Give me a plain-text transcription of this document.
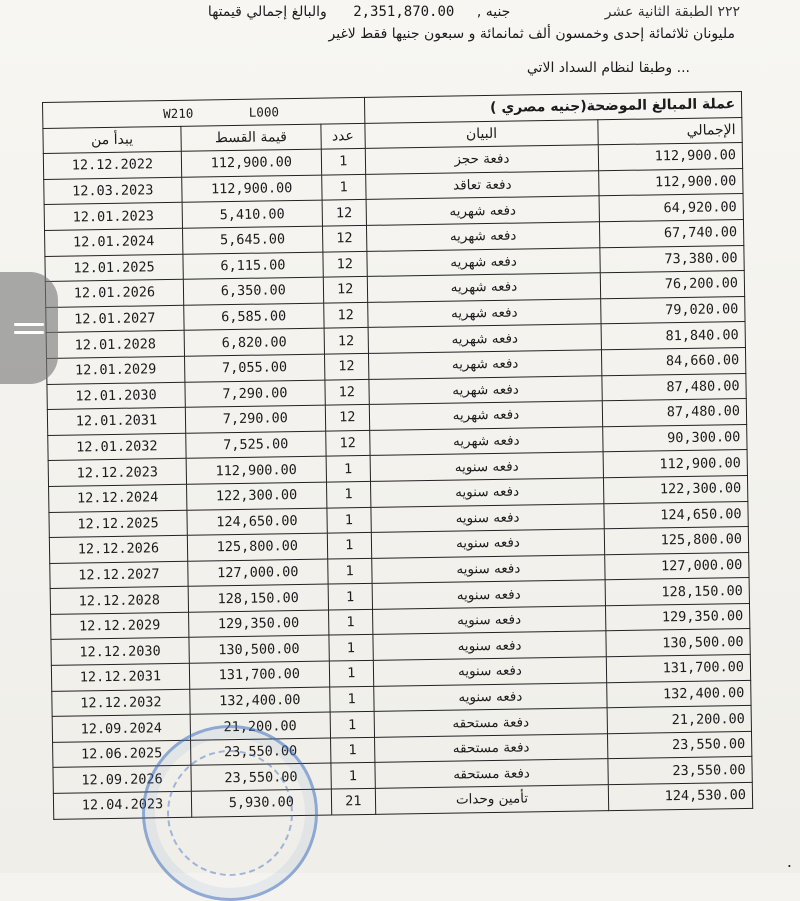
٢٢٢ الطبقة الثانية عشر جنيه , 2,351,870.00 والبالغ إجمالي قيمتها
مليونان ثلاثمائة إحدى وخمسون ألف ثمانمائة و سبعون جنيها فقط لاغير
وطبقا لنظام السداد الاتي ...
W210 L000			عملة المبالغ الموضحة(جنيه مصري )	
يبدأ من	قيمة القسط	عدد	البيان	الإجمالي
12.12.2022	112,900.00	1	دفعة حجز	112,900.00
12.03.2023	112,900.00	1	دفعة تعاقد	112,900.00
12.01.2023	5,410.00	12	دفعه شهريه	64,920.00
12.01.2024	5,645.00	12	دفعه شهريه	67,740.00
12.01.2025	6,115.00	12	دفعه شهريه	73,380.00
12.01.2026	6,350.00	12	دفعه شهريه	76,200.00
12.01.2027	6,585.00	12	دفعه شهريه	79,020.00
12.01.2028	6,820.00	12	دفعه شهريه	81,840.00
12.01.2029	7,055.00	12	دفعه شهريه	84,660.00
12.01.2030	7,290.00	12	دفعه شهريه	87,480.00
12.01.2031	7,290.00	12	دفعه شهريه	87,480.00
12.01.2032	7,525.00	12	دفعه شهريه	90,300.00
12.12.2023	112,900.00	1	دفعه سنويه	112,900.00
12.12.2024	122,300.00	1	دفعه سنويه	122,300.00
12.12.2025	124,650.00	1	دفعه سنويه	124,650.00
12.12.2026	125,800.00	1	دفعه سنويه	125,800.00
12.12.2027	127,000.00	1	دفعه سنويه	127,000.00
12.12.2028	128,150.00	1	دفعه سنويه	128,150.00
12.12.2029	129,350.00	1	دفعه سنويه	129,350.00
12.12.2030	130,500.00	1	دفعه سنويه	130,500.00
12.12.2031	131,700.00	1	دفعه سنويه	131,700.00
12.12.2032	132,400.00	1	دفعه سنويه	132,400.00
12.09.2024	21,200.00	1	دفعة مستحقه	21,200.00
12.06.2025	23,550.00	1	دفعة مستحقه	23,550.00
12.09.2026	23,550.00	1	دفعة مستحقه	23,550.00
12.04.2023	5,930.00	21	تأمين وحدات	124,530.00
.
